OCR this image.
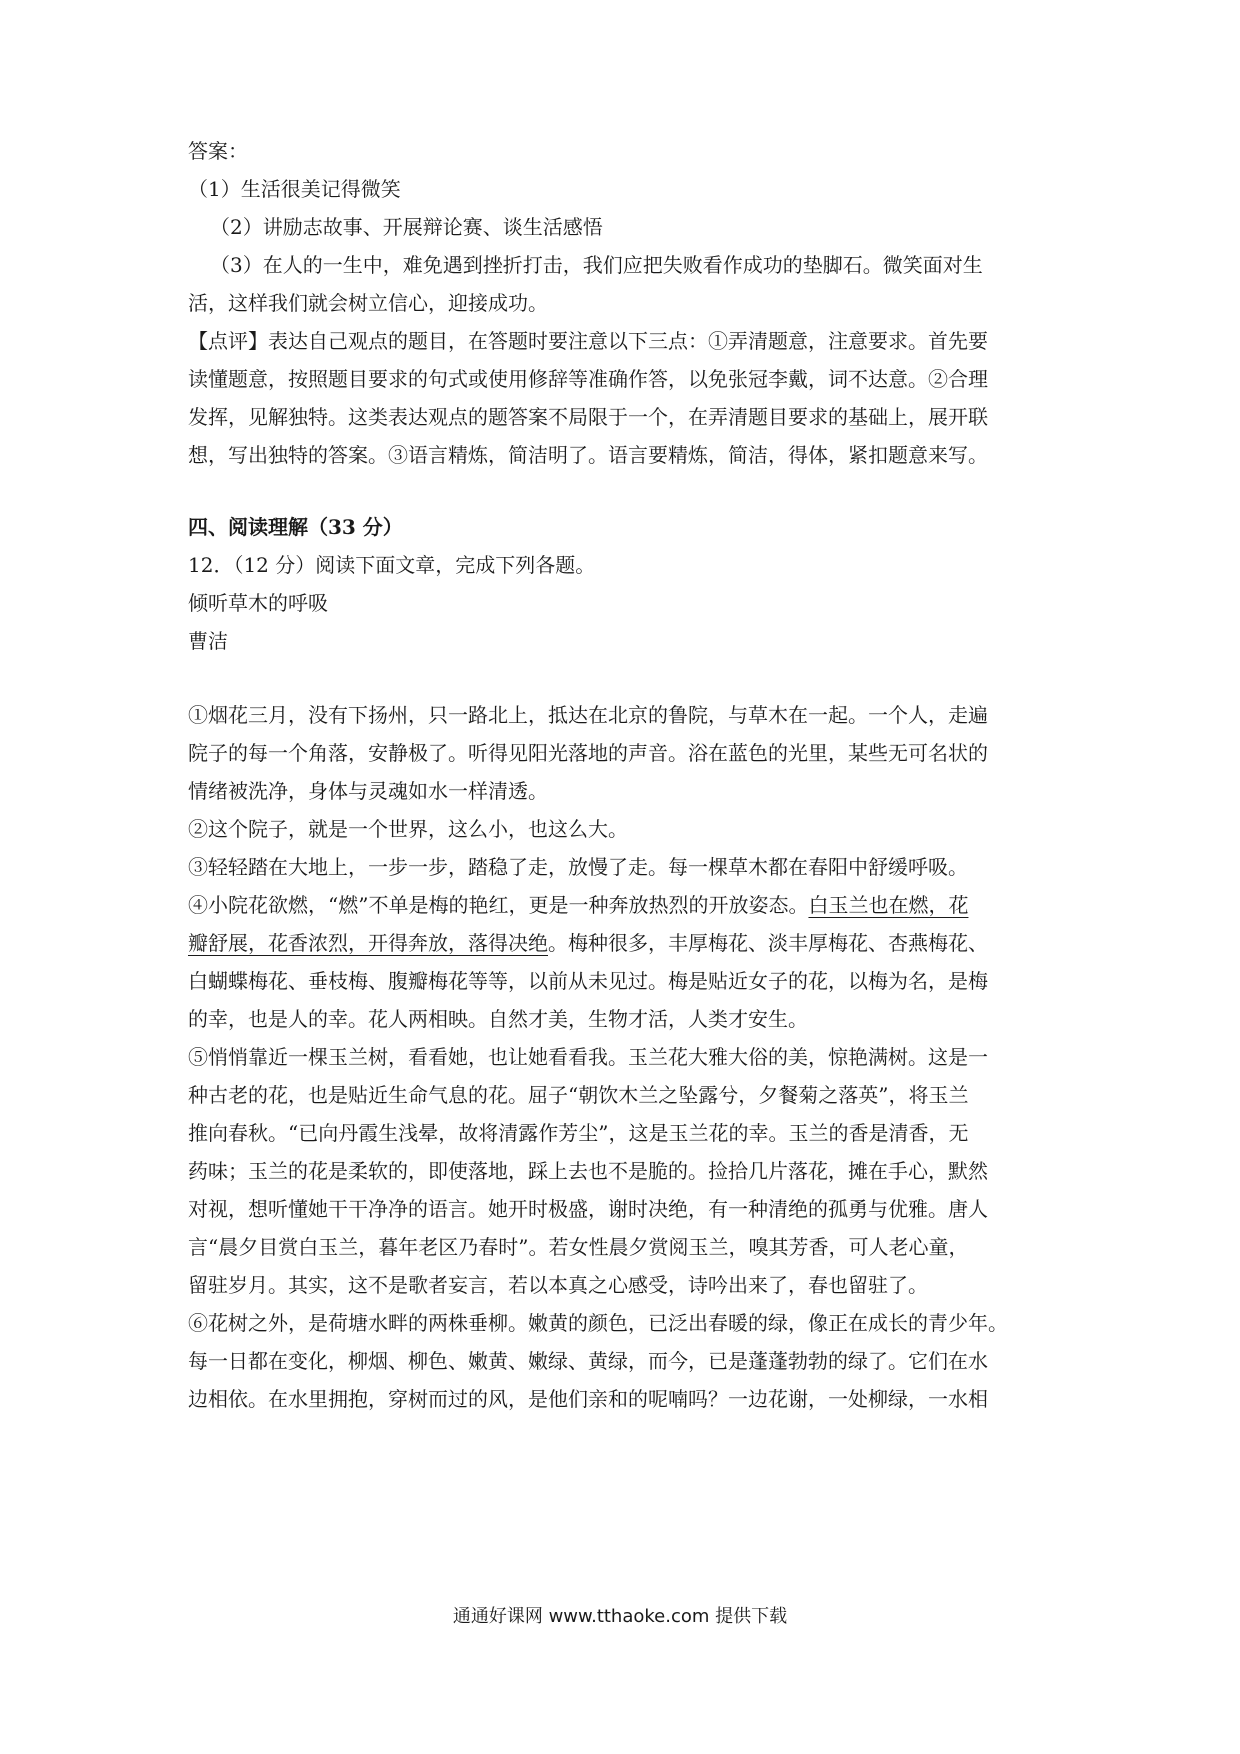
答案：
（1）生活很美记得微笑
（2）讲励志故事、开展辩论赛、谈生活感悟
（3）在人的一生中，难免遇到挫折打击，我们应把失败看作成功的垫脚石。微笑面对生
活，这样我们就会树立信心，迎接成功。
【点评】表达自己观点的题目，在答题时要注意以下三点：①弄清题意，注意要求。首先要
读懂题意，按照题目要求的句式或使用修辞等准确作答，以免张冠李戴，词不达意。②合理
发挥，见解独特。这类表达观点的题答案不局限于一个，在弄清题目要求的基础上，展开联
想，写出独特的答案。③语言精炼，简洁明了。语言要精炼，简洁，得体，紧扣题意来写。
四、阅读理解（33 分）
12．（12 分）阅读下面文章，完成下列各题。
倾听草木的呼吸
曹洁
①烟花三月，没有下扬州，只一路北上，抵达在北京的鲁院，与草木在一起。一个人，走遍
院子的每一个角落，安静极了。听得见阳光落地的声音。浴在蓝色的光里，某些无可名状的
情绪被洗净，身体与灵魂如水一样清透。
②这个院子，就是一个世界，这么小，也这么大。
③轻轻踏在大地上，一步一步，踏稳了走，放慢了走。每一棵草木都在春阳中舒缓呼吸。
④小院花欲燃，“燃”不单是梅的艳红，更是一种奔放热烈的开放姿态。白玉兰也在燃，花
瓣舒展，花香浓烈，开得奔放，落得决绝。梅种很多，丰厚梅花、淡丰厚梅花、杏燕梅花、
白蝴蝶梅花、垂枝梅、腹瓣梅花等等，以前从未见过。梅是贴近女子的花，以梅为名，是梅
的幸，也是人的幸。花人两相映。自然才美，生物才活，人类才安生。
⑤悄悄靠近一棵玉兰树，看看她，也让她看看我。玉兰花大雅大俗的美，惊艳满树。这是一
种古老的花，也是贴近生命气息的花。屈子“朝饮木兰之坠露兮，夕餐菊之落英”，将玉兰
推向春秋。“已向丹霞生浅晕，故将清露作芳尘”，这是玉兰花的幸。玉兰的香是清香，无
药味；玉兰的花是柔软的，即使落地，踩上去也不是脆的。捡拾几片落花，摊在手心，默然
对视，想听懂她干干净净的语言。她开时极盛，谢时决绝，有一种清绝的孤勇与优雅。唐人
言“晨夕目赏白玉兰，暮年老区乃春时”。若女性晨夕赏阅玉兰，嗅其芳香，可人老心童，
留驻岁月。其实，这不是歌者妄言，若以本真之心感受，诗吟出来了，春也留驻了。
⑥花树之外，是荷塘水畔的两株垂柳。嫩黄的颜色，已泛出春暖的绿，像正在成长的青少年。
每一日都在变化，柳烟、柳色、嫩黄、嫩绿、黄绿，而今，已是蓬蓬勃勃的绿了。它们在水
边相依。在水里拥抱，穿树而过的风，是他们亲和的呢喃吗？一边花谢，一处柳绿，一水相
通通好课网 www.tthaoke.com 提供下载
